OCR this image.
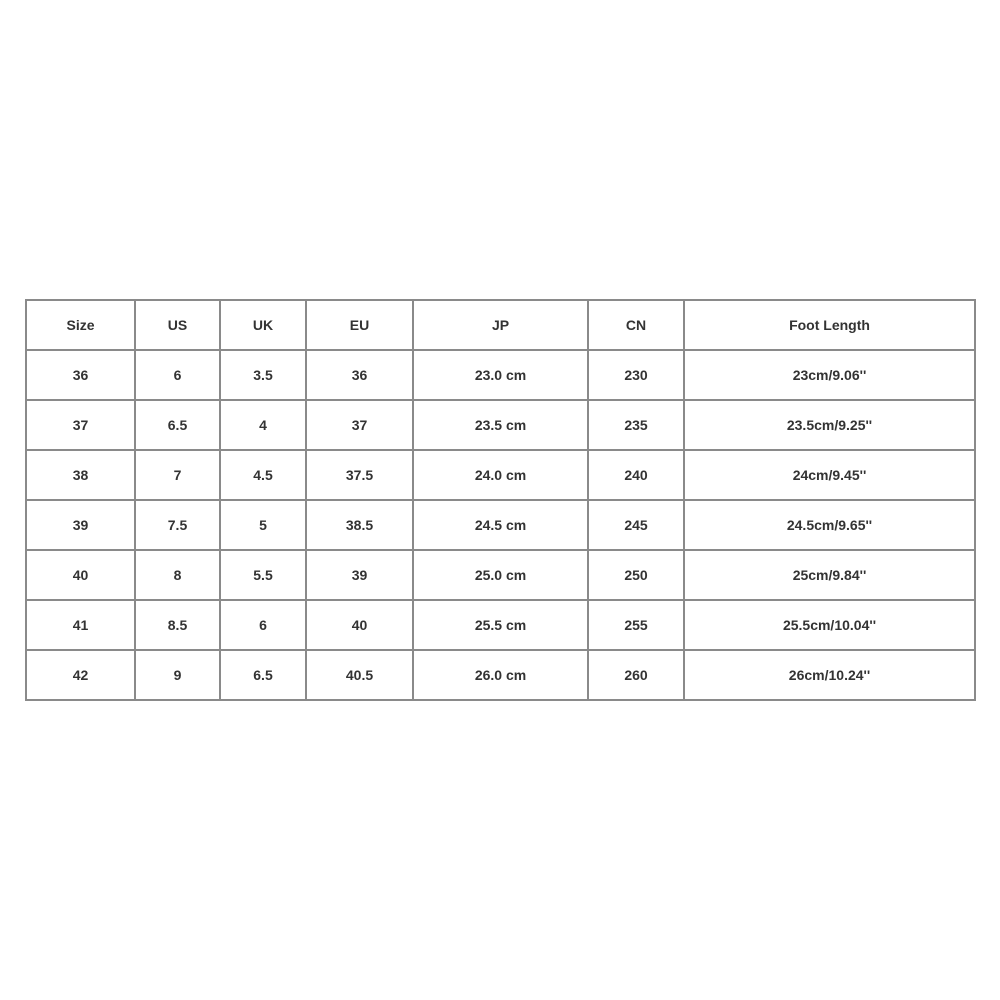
Size	US	UK	EU	JP	CN	Foot Length
36	6	3.5	36	23.0 cm	230	23cm/9.06''
37	6.5	4	37	23.5 cm	235	23.5cm/9.25''
38	7	4.5	37.5	24.0 cm	240	24cm/9.45''
39	7.5	5	38.5	24.5 cm	245	24.5cm/9.65''
40	8	5.5	39	25.0 cm	250	25cm/9.84''
41	8.5	6	40	25.5 cm	255	25.5cm/10.04''
42	9	6.5	40.5	26.0 cm	260	26cm/10.24''
